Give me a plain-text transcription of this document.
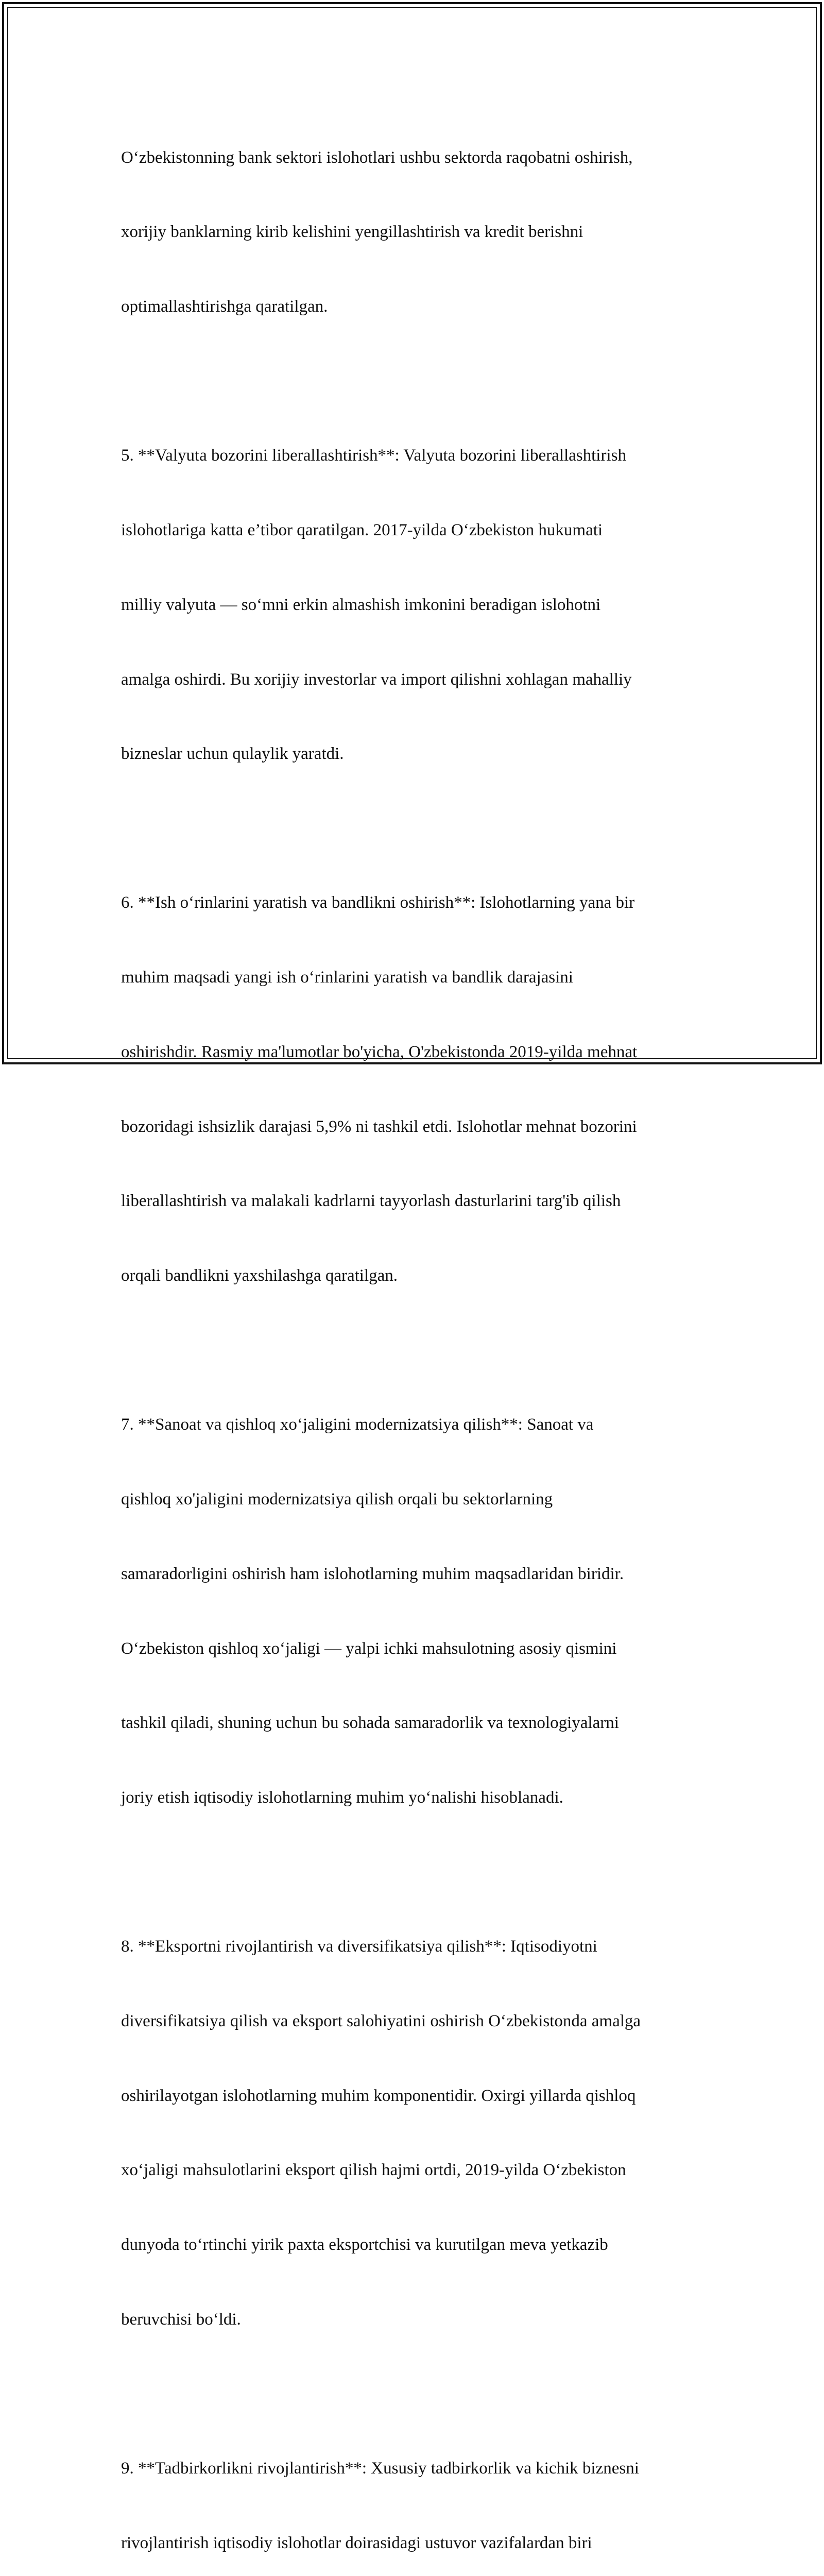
O‘zbekistonning bank sektori islohotlari ushbu sektorda raqobatni oshirish,

xorijiy banklarning kirib kelishini yengillashtirish va kredit berishni

optimallashtirishga qaratilgan.

5. **Valyuta bozorini liberallashtirish**: Valyuta bozorini liberallashtirish

islohotlariga katta e’tibor qaratilgan. 2017-yilda O‘zbekiston hukumati

milliy valyuta — so‘mni erkin almashish imkonini beradigan islohotni

amalga oshirdi. Bu xorijiy investorlar va import qilishni xohlagan mahalliy

bizneslar uchun qulaylik yaratdi.

6. **Ish o‘rinlarini yaratish va bandlikni oshirish**: Islohotlarning yana bir

muhim maqsadi yangi ish o‘rinlarini yaratish va bandlik darajasini

oshirishdir. Rasmiy ma'lumotlar bo'yicha, O'zbekistonda 2019-yilda mehnat

bozoridagi ishsizlik darajasi 5,9% ni tashkil etdi. Islohotlar mehnat bozorini

liberallashtirish va malakali kadrlarni tayyorlash dasturlarini targ'ib qilish

orqali bandlikni yaxshilashga qaratilgan.

7. **Sanoat va qishloq xo‘jaligini modernizatsiya qilish**: Sanoat va

qishloq xo'jaligini modernizatsiya qilish orqali bu sektorlarning

samaradorligini oshirish ham islohotlarning muhim maqsadlaridan biridir.

O‘zbekiston qishloq xo‘jaligi — yalpi ichki mahsulotning asosiy qismini

tashkil qiladi, shuning uchun bu sohada samaradorlik va texnologiyalarni

joriy etish iqtisodiy islohotlarning muhim yo‘nalishi hisoblanadi.

8. **Eksportni rivojlantirish va diversifikatsiya qilish**: Iqtisodiyotni

diversifikatsiya qilish va eksport salohiyatini oshirish O‘zbekistonda amalga

oshirilayotgan islohotlarning muhim komponentidir. Oxirgi yillarda qishloq

xo‘jaligi mahsulotlarini eksport qilish hajmi ortdi, 2019-yilda O‘zbekiston

dunyoda to‘rtinchi yirik paxta eksportchisi va kurutilgan meva yetkazib

beruvchisi bo‘ldi.

9. **Tadbirkorlikni rivojlantirish**: Xususiy tadbirkorlik va kichik biznesni

rivojlantirish iqtisodiy islohotlar doirasidagi ustuvor vazifalardan biri
